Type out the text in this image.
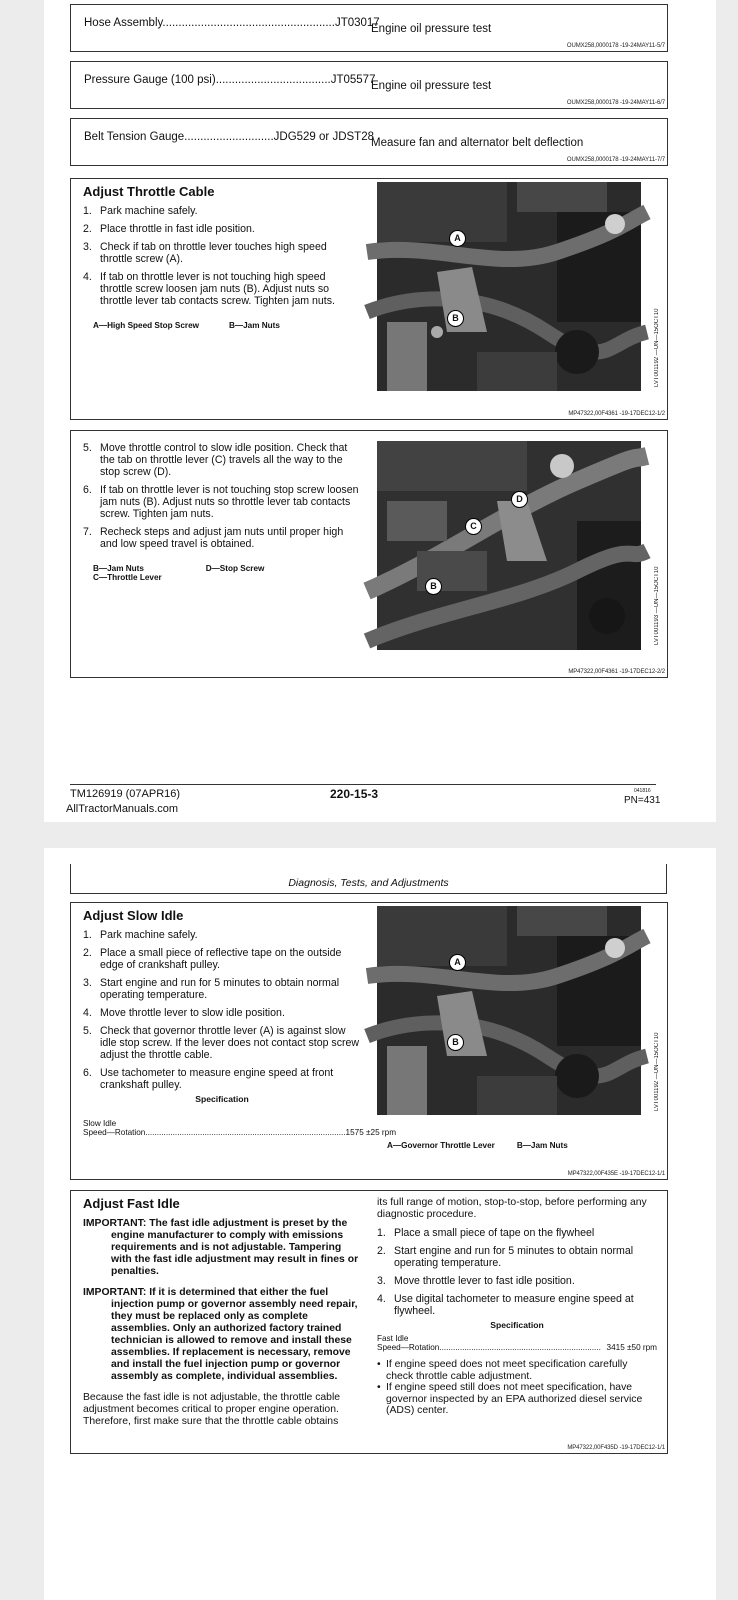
Hose Assembly......................................................JT03017
Engine oil pressure test
OUMX258,0000178 -19-24MAY11-5/7
Pressure Gauge (100 psi)....................................JT05577
Engine oil pressure test
OUMX258,0000178 -19-24MAY11-6/7
Belt Tension Gauge............................JDG529 or JDST28
Measure fan and alternator belt deflection
OUMX258,0000178 -19-24MAY11-7/7
Adjust Throttle Cable
1. Park machine safely.
2. Place throttle in fast idle position.
3. Check if tab on throttle lever touches high speed throttle screw (A).
4. If tab on throttle lever is not touching high speed throttle screw loosen jam nuts (B). Adjust nuts so throttle lever tab contacts screw. Tighten jam nuts.
A—High Speed Stop Screw	B—Jam Nuts
A
B	LVT001192 —UN—15OCT10
MP47322,00F4361 -19-17DEC12-1/2
5. Move throttle control to slow idle position. Check that the tab on throttle lever (C) travels all the way to the stop screw (D).
6. If tab on throttle lever is not touching stop screw loosen jam nuts (B). Adjust nuts so throttle lever tab contacts screw. Tighten jam nuts.
7. Recheck steps and adjust jam nuts until proper high and low speed travel is obtained.
B—Jam Nuts
C—Throttle Lever
D—Stop Screw
D
C
B	LVT001193 —UN—15OCT10
MP47322,00F4361 -19-17DEC12-2/2
TM126919 (07APR16)	220-15-3	041816
PN=431
AllTractorManuals.com
Diagnosis, Tests, and Adjustments
Adjust Slow Idle
1. Park machine safely.
2. Place a small piece of reflective tape on the outside edge of crankshaft pulley.
3. Start engine and run for 5 minutes to obtain normal operating temperature.
4. Move throttle lever to slow idle position.
5. Check that governor throttle lever (A) is against slow idle stop screw. If the lever does not contact stop screw adjust the throttle cable.
6. Use tachometer to measure engine speed at front crankshaft pulley.
Specification
Slow Idle
Speed—Rotation ........................................................................................ 1575 ±25 rpm
A
B	LVT001192 —UN—15OCT10
A—Governor Throttle Lever	B—Jam Nuts
MP47322,00F435E -19-17DEC12-1/1
Adjust Fast Idle
IMPORTANT: The fast idle adjustment is preset by the engine manufacturer to comply with emissions requirements and is not adjustable. Tampering with the fast idle adjustment may result in fines or penalties.
IMPORTANT: If it is determined that either the fuel injection pump or governor assembly need repair, they must be replaced only as complete assemblies. Only an authorized factory trained technician is allowed to remove and install these assemblies. If replacement is necessary, remove and install the fuel injection pump or governor assembly as complete, individual assemblies.
Because the fast idle is not adjustable, the throttle cable adjustment becomes critical to proper engine operation. Therefore, first make sure that the throttle cable obtains
its full range of motion, stop-to-stop, before performing any diagnostic procedure.
1. Place a small piece of tape on the flywheel
2. Start engine and run for 5 minutes to obtain normal operating temperature.
3. Move throttle lever to fast idle position.
4. Use digital tachometer to measure engine speed at flywheel.
Specification
Fast Idle
Speed—Rotation ....................................................................... 3415 ±50 rpm
• If engine speed does not meet specification carefully check throttle cable adjustment.
• If engine speed still does not meet specification, have governor inspected by an EPA authorized diesel service (ADS) center.
MP47322,00F435D -19-17DEC12-1/1
